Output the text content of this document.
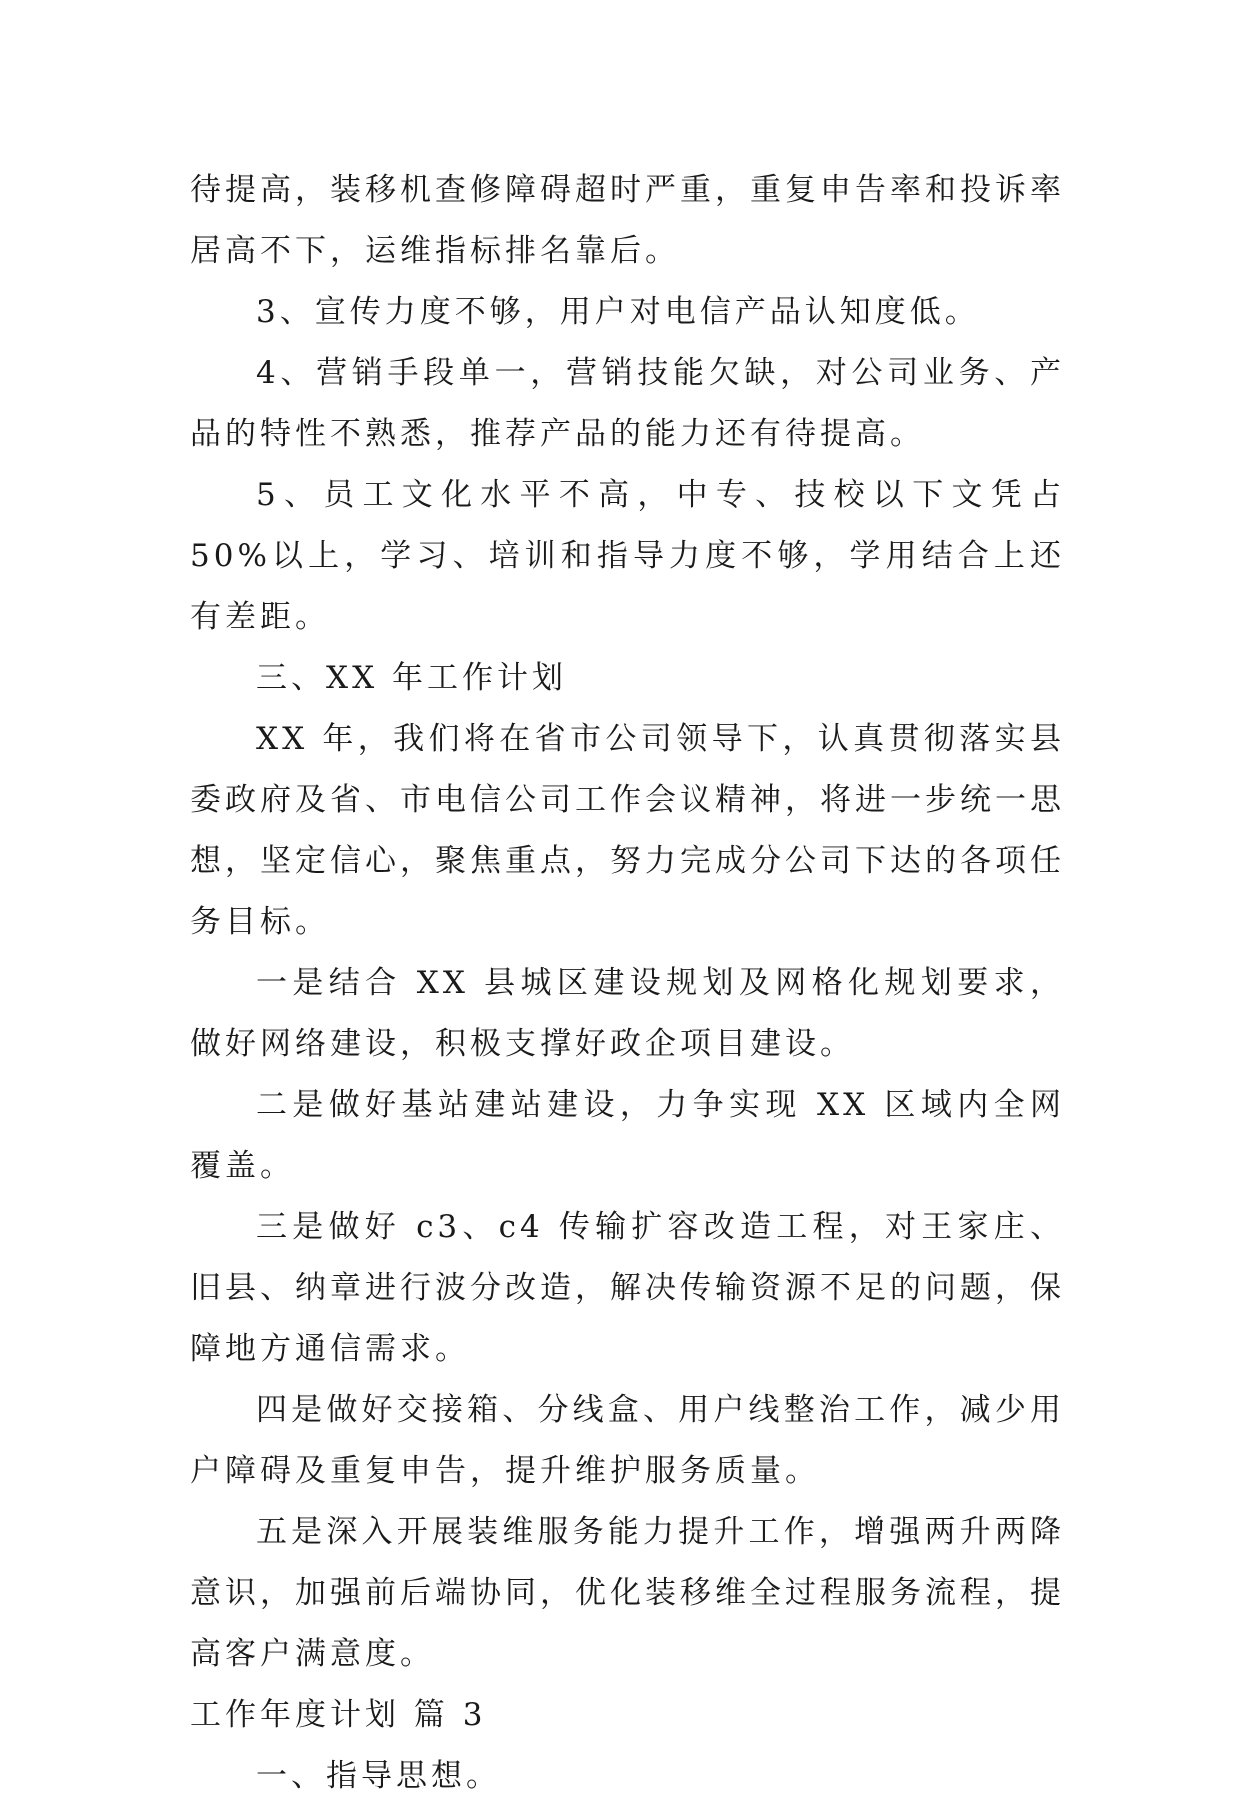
待提高，装移机查修障碍超时严重，重复申告率和投诉率居高不下，运维指标排名靠后。

3、宣传力度不够，用户对电信产品认知度低。

4、营销手段单一，营销技能欠缺，对公司业务、产品的特性不熟悉，推荐产品的能力还有待提高。

5、员工文化水平不高，中专、技校以下文凭占 50%以上，学习、培训和指导力度不够，学用结合上还有差距。

三、XX 年工作计划

XX 年，我们将在省市公司领导下，认真贯彻落实县委政府及省、市电信公司工作会议精神，将进一步统一思想，坚定信心，聚焦重点，努力完成分公司下达的各项任务目标。

一是结合 XX 县城区建设规划及网格化规划要求，做好网络建设，积极支撑好政企项目建设。

二是做好基站建站建设，力争实现 XX 区域内全网覆盖。

三是做好 c3、c4 传输扩容改造工程，对王家庄、旧县、纳章进行波分改造，解决传输资源不足的问题，保障地方通信需求。

四是做好交接箱、分线盒、用户线整治工作，减少用户障碍及重复申告，提升维护服务质量。

五是深入开展装维服务能力提升工作，增强两升两降意识，加强前后端协同，优化装移维全过程服务流程，提高客户满意度。

工作年度计划 篇 3

一、指导思想。
